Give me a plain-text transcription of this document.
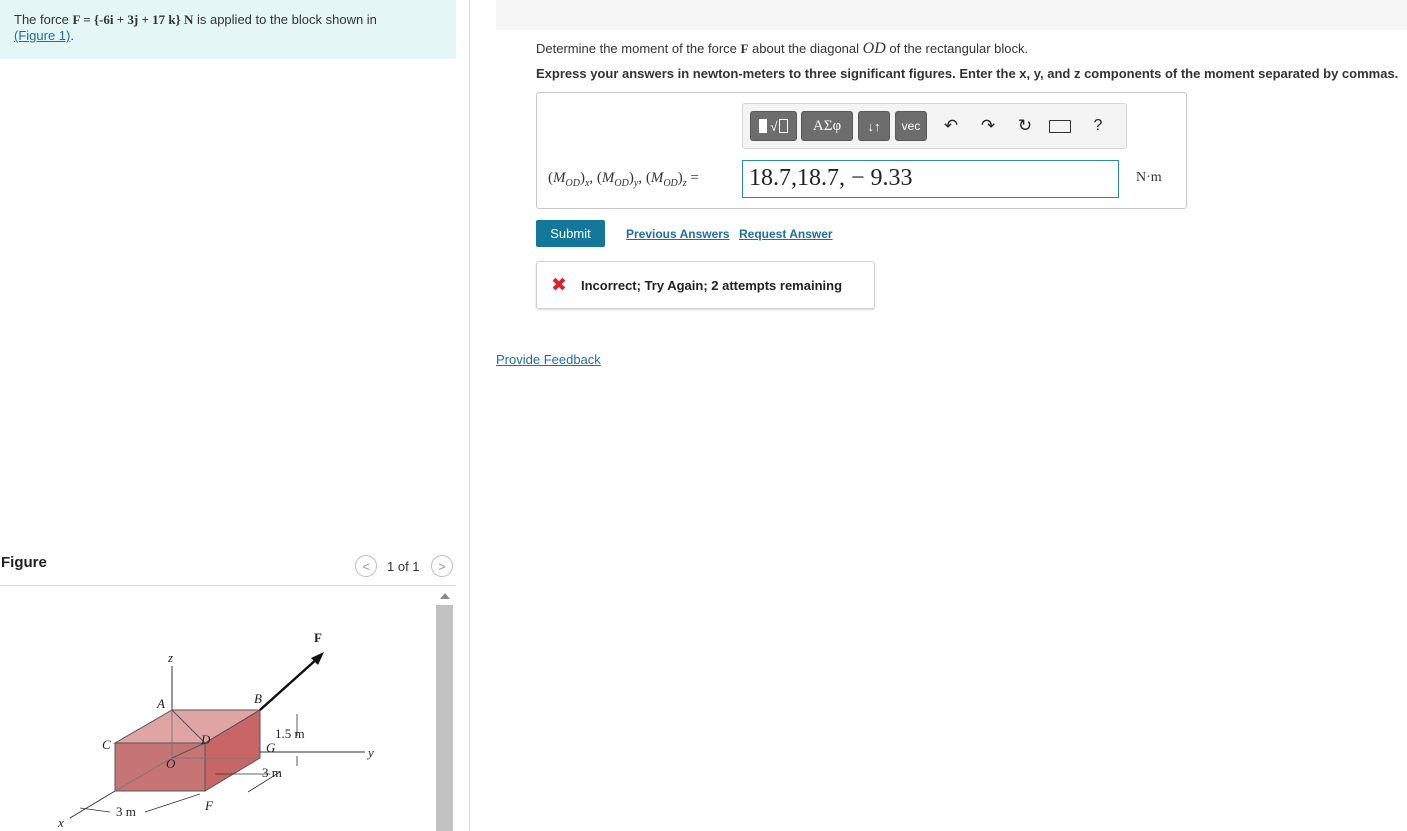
The force F = {-6i + 3j + 17 k} N is applied to the block shown in
(Figure 1).
Determine the moment of the force F about the diagonal OD of the rectangular block.
Express your answers in newton-meters to three significant figures. Enter the x, y, and z components of the moment separated by commas.
√	ΑΣφ	↓↑	vec	↶	↷	↻	?
$(M_{OD})_x$, $(M_{OD})_y$, $(M_{OD})_z = 18.7,18.7$, − 9.33	N·m
Submit	Previous Answers Request Answer
✖	Incorrect; Try Again; 2 attempts remaining
Provide Feedback
Figure	<	1 of 1	>
F
z
A	B
C	D
O
G
F
x
y
1.5 m
3 m
3 m
